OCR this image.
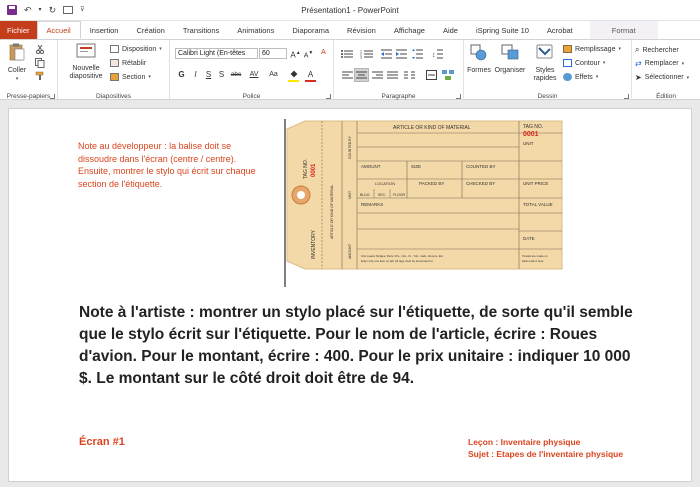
↶ ▾ ↻	⊽	Présentation1 - PowerPoint
Fichier	Accueil	Insertion	Création	Transitions	Animations	Diaporama	Révision	Affichage	Aide	iSpring Suite 10	Acrobat	Format
Coller
▾
Presse-papiers
Nouvelle
diapositive
Disposition ▾
Rétablir
Section ▾
Diapositives
Calibri Light (En-têtes	60	A▲ A▼	A
G	I	S S	abc	AV	Aa	A
Police
1
2
3	↕
Paragraphe
Formes Organiser	Styles
rapides
Remplissage ▾
Contour ▾
Effets ▾
Dessin
⌕ Rechercher
⇄ Remplacer ▾
➤ Sélectionner ▾
Édition
Note au développeur : la balise doit se dissoudre dans l'écran (centre / centre). Ensuite, montrer le stylo qui écrit sur chaque section de l'étiquette.
TAG NO. 0001
INVENTORY
ARTICLE OR KIND OF MATERIAL
COUNTED BY
UNIT
AMOUNT
ARTICLE OR KIND OF MATERIAL	TAG NO.
0001
UNIT
AMOUNT	SIZE	COUNTED BY
LOCATION	PACKED BY	CHECKED BY	UNIT PRICE
BLDG. SEC. FLOOR
REMARKS	TOTAL VALUE
DATE
Unit means Singles, Pairs, Pcs., Lbs., Ft., Yds., Gals., Rooms, Etc.
Enter only one item on tab. All tags must be accounted for.
If totals are made on
back mark it here
Note à l'artiste : montrer un stylo placé sur l'étiquette, de sorte qu'il semble que le stylo écrit sur l'étiquette. Pour le nom de l'article, écrire : Roues d'avion. Pour le montant, écrire : 400. Pour le prix unitaire : indiquer 10 000 $. Le montant sur le côté droit doit être de 94.
Écran #1	Leçon : Inventaire physique
Sujet : Etapes de l'inventaire physique
